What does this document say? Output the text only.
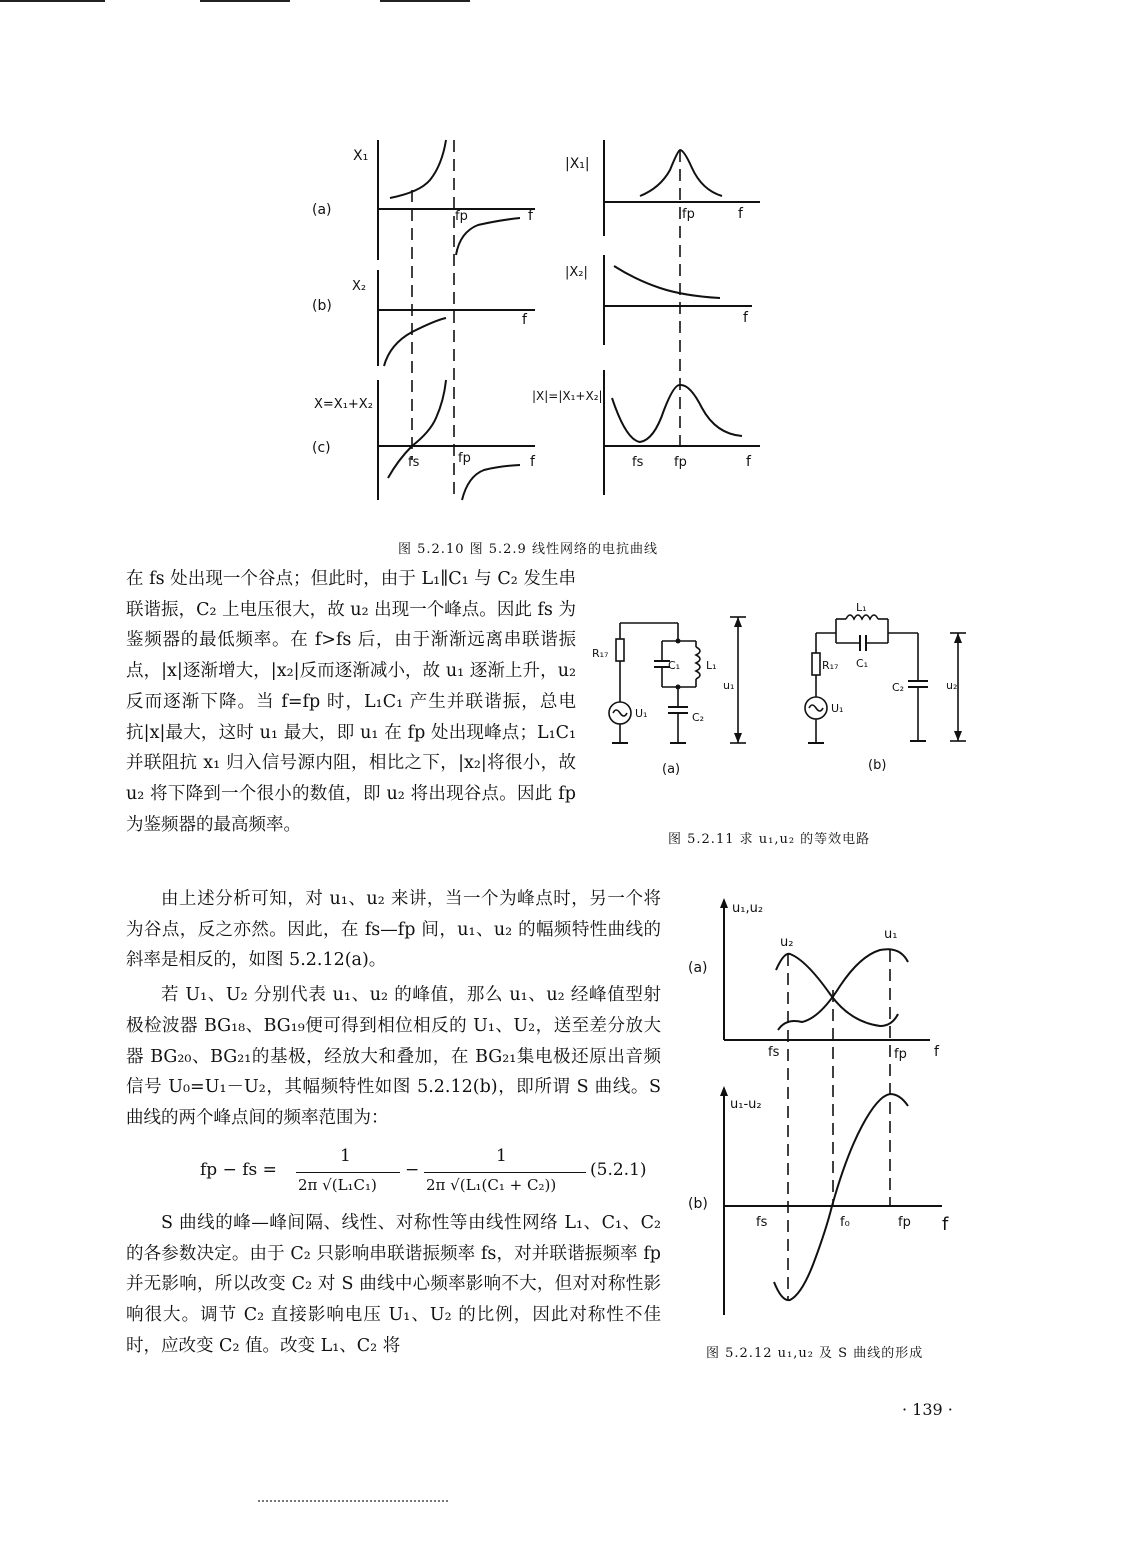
(a)
(b)
(c)
X₁
fp	f
X₂
f
X=X₁+X₂
fs	fp	f
|X₁|
fp	f
|X₂|
f
|X|=|X₁+X₂|
fs fp	f
图 5.2.10 图 5.2.9 线性网络的电抗曲线
R₁₇
C₁ L₁
C₂
u₁
U₁
(a)
L₁
C₁
R₁₇
C₂	u₂
U₁
(b)
图 5.2.11 求 u₁,u₂ 的等效电路
(a)
(b)
u₁,u₂
u₂
u₁
fs	fp f
u₁-u₂
fs	f₀	fp f
图 5.2.12 u₁,u₂ 及 S 曲线的形成

在 fs 处出现一个谷点；但此时，由于 L₁∥C₁ 与 C₂ 发生串联谐振，C₂ 上电压很大，故 u₂ 出现一个峰点。因此 fs 为鉴频器的最低频率。在 f>fs 后，由于渐渐远离串联谐振点，|x|逐渐增大，|x₂|反而逐渐减小，故 u₁ 逐渐上升，u₂ 反而逐渐下降。当 f=fp 时，L₁C₁ 产生并联谐振，总电抗|x|最大，这时 u₁ 最大，即 u₁ 在 fp 处出现峰点；L₁C₁ 并联阻抗 x₁ 归入信号源内阻，相比之下，|x₂|将很小，故 u₂ 将下降到一个很小的数值，即 u₂ 将出现谷点。因此 fp 为鉴频器的最高频率。

由上述分析可知，对 u₁、u₂ 来讲，当一个为峰点时，另一个将为谷点，反之亦然。因此，在 fs—fp 间，u₁、u₂ 的幅频特性曲线的斜率是相反的，如图 5.2.12(a)。

若 U₁、U₂ 分别代表 u₁、u₂ 的峰值，那么 u₁、u₂ 经峰值型射极检波器 BG₁₈、BG₁₉便可得到相位相反的 U₁、U₂，送至差分放大器 BG₂₀、BG₂₁的基极，经放大和叠加，在 BG₂₁集电极还原出音频信号 U₀=U₁－U₂，其幅频特性如图 5.2.12(b)，即所谓 S 曲线。S 曲线的两个峰点间的频率范围为：

fp − fs =
1
2π √(L₁C₁)
−
1
2π √(L₁(C₁ + C₂))
(5.2.1)

S 曲线的峰—峰间隔、线性、对称性等由线性网络 L₁、C₁、C₂ 的各参数决定。由于 C₂ 只影响串联谐振频率 fs，对并联谐振频率 fp 并无影响，所以改变 C₂ 对 S 曲线中心频率影响不大，但对对称性影响很大。调节 C₂ 直接影响电压 U₁、U₂ 的比例，因此对称性不佳时，应改变 C₂ 值。改变 L₁、C₂ 将

· 139 ·
